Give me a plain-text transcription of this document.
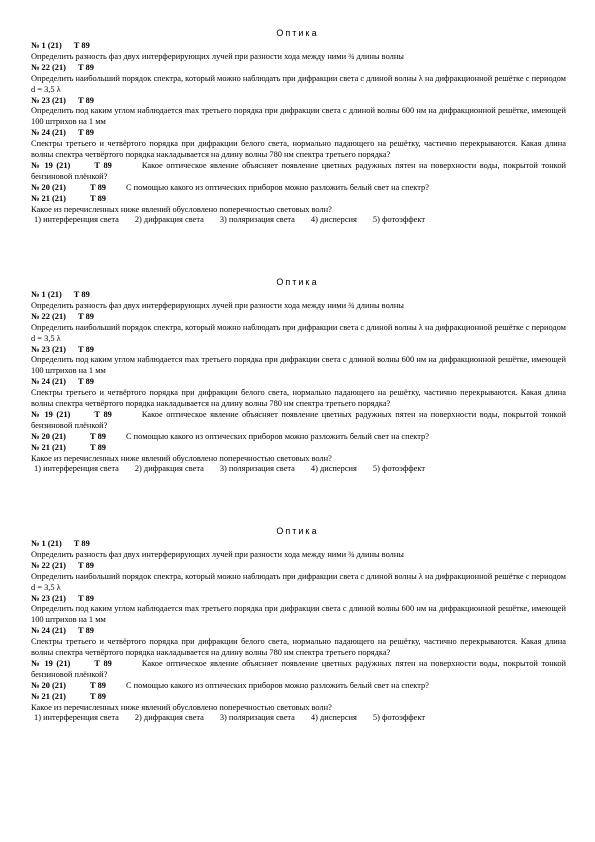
Оптика
№ 1 (21) Т 89
Определить разность фаз двух интерферирующих лучей при разности хода между ними ¾ длины волны
№ 22 (21) Т 89
Определить наибольший порядок спектра, который можно наблюдать при дифракции света с длиной волны λ на дифракционной решётке с периодом d = 3,5 λ
№ 23 (21) Т 89
Определить под каким углом наблюдается max третьего порядка при дифракции света с длиной волны 600 нм на дифракционной решётке, имеющей 100 штрихов на 1 мм
№ 24 (21) Т 89
Спектры третьего и четвёртого порядка при дифракции белого света, нормально падающего на решётку, частично перекрываются. Какая длина волны спектра четвёртого порядка накладывается на длину волны 780 нм спектра третьего порядка?
№ 19 (21)	Т 89	Какое оптическое явление объясняет появление цветных радужных пятен на поверхности воды, покрытой тонкой бензиновой плёнкой?
№ 20 (21)	Т 89 С помощью какого из оптических приборов можно разложить белый свет на спектр?
№ 21 (21)	Т 89
Какое из перечисленных ниже явлений обусловлено поперечностью световых волн?
1) интерференция света 2) дифракция света 3) поляризация света 4) дисперсия 5) фотоэффект
Оптика
№ 1 (21) Т 89
Определить разность фаз двух интерферирующих лучей при разности хода между ними ¾ длины волны
№ 22 (21) Т 89
Определить наибольший порядок спектра, который можно наблюдать при дифракции света с длиной волны λ на дифракционной решётке с периодом d = 3,5 λ
№ 23 (21) Т 89
Определить под каким углом наблюдается max третьего порядка при дифракции света с длиной волны 600 нм на дифракционной решётке, имеющей 100 штрихов на 1 мм
№ 24 (21) Т 89
Спектры третьего и четвёртого порядка при дифракции белого света, нормально падающего на решётку, частично перекрываются. Какая длина волны спектра четвёртого порядка накладывается на длину волны 780 нм спектра третьего порядка?
№ 19 (21)	Т 89	Какое оптическое явление объясняет появление цветных радужных пятен на поверхности воды, покрытой тонкой бензиновой плёнкой?
№ 20 (21)	Т 89 С помощью какого из оптических приборов можно разложить белый свет на спектр?
№ 21 (21)	Т 89
Какое из перечисленных ниже явлений обусловлено поперечностью световых волн?
1) интерференция света 2) дифракция света 3) поляризация света 4) дисперсия 5) фотоэффект
Оптика
№ 1 (21) Т 89
Определить разность фаз двух интерферирующих лучей при разности хода между ними ¾ длины волны
№ 22 (21) Т 89
Определить наибольший порядок спектра, который можно наблюдать при дифракции света с длиной волны λ на дифракционной решётке с периодом d = 3,5 λ
№ 23 (21) Т 89
Определить под каким углом наблюдается max третьего порядка при дифракции света с длиной волны 600 нм на дифракционной решётке, имеющей 100 штрихов на 1 мм
№ 24 (21) Т 89
Спектры третьего и четвёртого порядка при дифракции белого света, нормально падающего на решётку, частично перекрываются. Какая длина волны спектра четвёртого порядка накладывается на длину волны 780 нм спектра третьего порядка?
№ 19 (21)	Т 89	Какое оптическое явление объясняет появление цветных радужных пятен на поверхности воды, покрытой тонкой бензиновой плёнкой?
№ 20 (21)	Т 89 С помощью какого из оптических приборов можно разложить белый свет на спектр?
№ 21 (21)	Т 89
Какое из перечисленных ниже явлений обусловлено поперечностью световых волн?
1) интерференция света 2) дифракция света 3) поляризация света 4) дисперсия 5) фотоэффект
